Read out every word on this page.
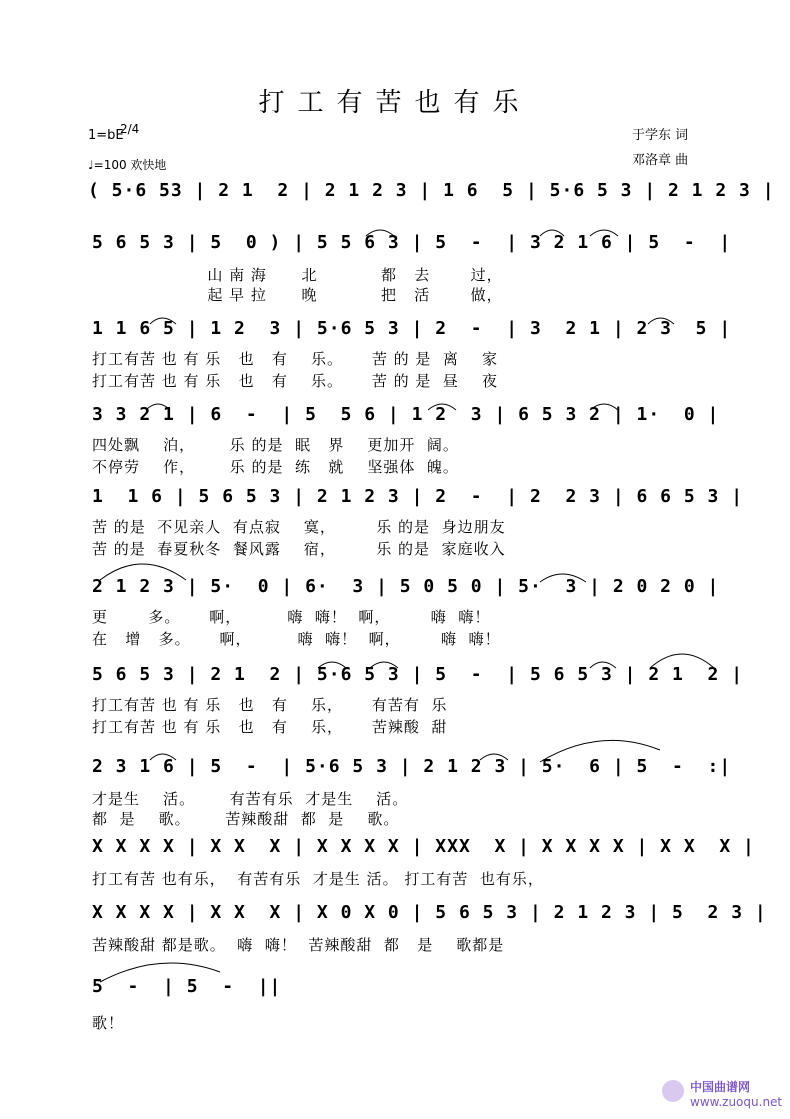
打工有苦也有乐
1=bE
2/4
♩=100 欢快地
于学东 词
邓洛章 曲
( 5·6 53 | 2 1  2 | 2 1 2 3 | 1 6  5 | 5·6 5 3 | 2 1 2 3 |
5 6 5 3 | 5  0 ) | 5 5 6 3 | 5  -  | 3 2 1 6 | 5  -  |
山 南 海      北           都   去       过，
起 早 拉      晚           把   活       做，
1 1 6 5 | 1 2  3 | 5·6 5 3 | 2  -  | 3  2 1 | 2 3  5 |
打工有苦 也 有 乐   也   有    乐。     苦 的 是  离    家
打工有苦 也 有 乐   也   有    乐。     苦 的 是  昼    夜
3 3 2 1 | 6  -  | 5  5 6 | 1 2  3 | 6 5 3 2 | 1·  0 |
四处飘    泊，      乐 的是  眠   界    更加开  阔。
不停劳    作，      乐 的是  练   就    坚强体  魄。
1  1 6 | 5 6 5 3 | 2 1 2 3 | 2  -  | 2  2 3 | 6 6 5 3 |
苦 的是  不见亲人  有点寂    寞，       乐 的是  身边朋友
苦 的是  春夏秋冬  餐风露    宿，       乐 的是  家庭收入
2 1 2 3 | 5·  0 | 6·  3 | 5 0 5 0 | 5·  3 | 2 0 2 0 |
更       多。     啊，        嗨  嗨！  啊，       嗨  嗨！
在   增   多。     啊，        嗨  嗨！  啊，       嗨  嗨！
5 6 5 3 | 2 1  2 | 5·6 5 3 | 5  -  | 5 6 5 3 | 2 1  2 |
打工有苦 也 有 乐   也   有    乐，     有苦有  乐
打工有苦 也 有 乐   也   有    乐，     苦辣酸  甜
2 3 1 6 | 5  -  | 5·6 5 3 | 2 1 2 3 | 5·  6 | 5  -  :|
才是生    活。      有苦有乐  才是生    活。
都  是    歌。      苦辣酸甜  都  是    歌。
X X X X | X X  X | X X X X | XXX  X | X X X X | X X  X |
打工有苦 也有乐，  有苦有乐  才是生 活。 打工有苦  也有乐，
X X X X | X X  X | X 0 X 0 | 5 6 5 3 | 2 1 2 3 | 5  2 3 |
苦辣酸甜 都是歌。  嗨  嗨！  苦辣酸甜  都   是    歌都是
5  -  | 5  -  ||
歌！
中国曲谱网
www.zuoqu.net
